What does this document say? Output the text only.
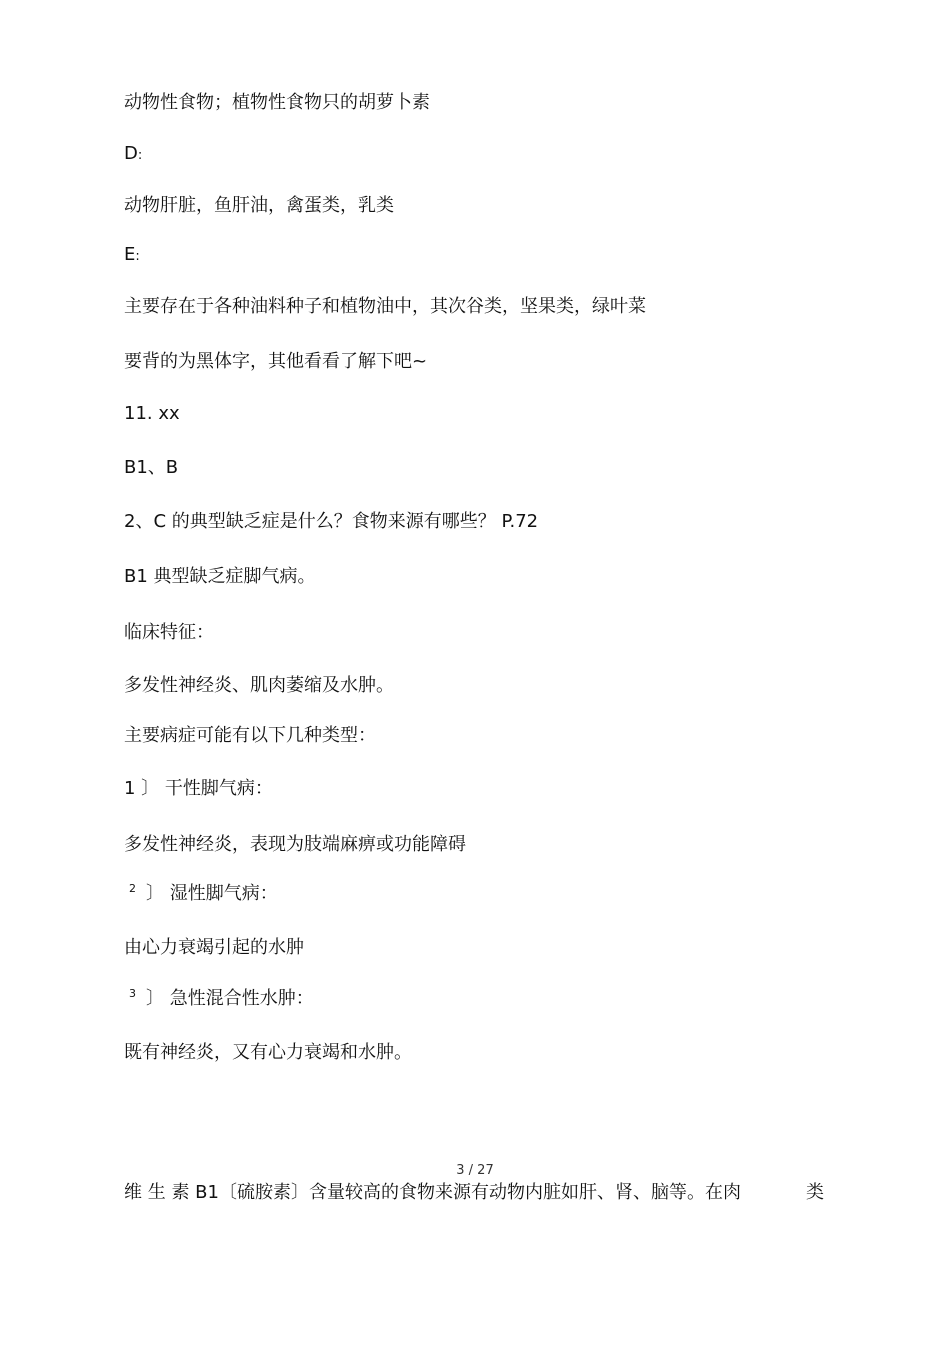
动物性食物；植物性食物只的胡萝卜素
D:
动物肝脏，鱼肝油，禽蛋类，乳类
E:
主要存在于各种油料种子和植物油中，其次谷类，坚果类，绿叶菜
要背的为黑体字，其他看看了解下吧~
11. xx
B1、B
2、C 的典型缺乏症是什么？食物来源有哪些？ P.72
B1 典型缺乏症脚气病。
临床特征：
多发性神经炎、肌肉萎缩及水肿。
主要病症可能有以下几种类型：
1 〕 干性脚气病：
多发性神经炎，表现为肢端麻痹或功能障碍
$^2$ 〕 湿性脚气病：
由心力衰竭引起的水肿
$^3$ 〕 急性混合性水肿：
既有神经炎，又有心力衰竭和水肿。
3 / 27
维 生 素 B1〔硫胺素〕含量较高的食物来源有动物内脏如肝、肾、脑等。在肉	类
